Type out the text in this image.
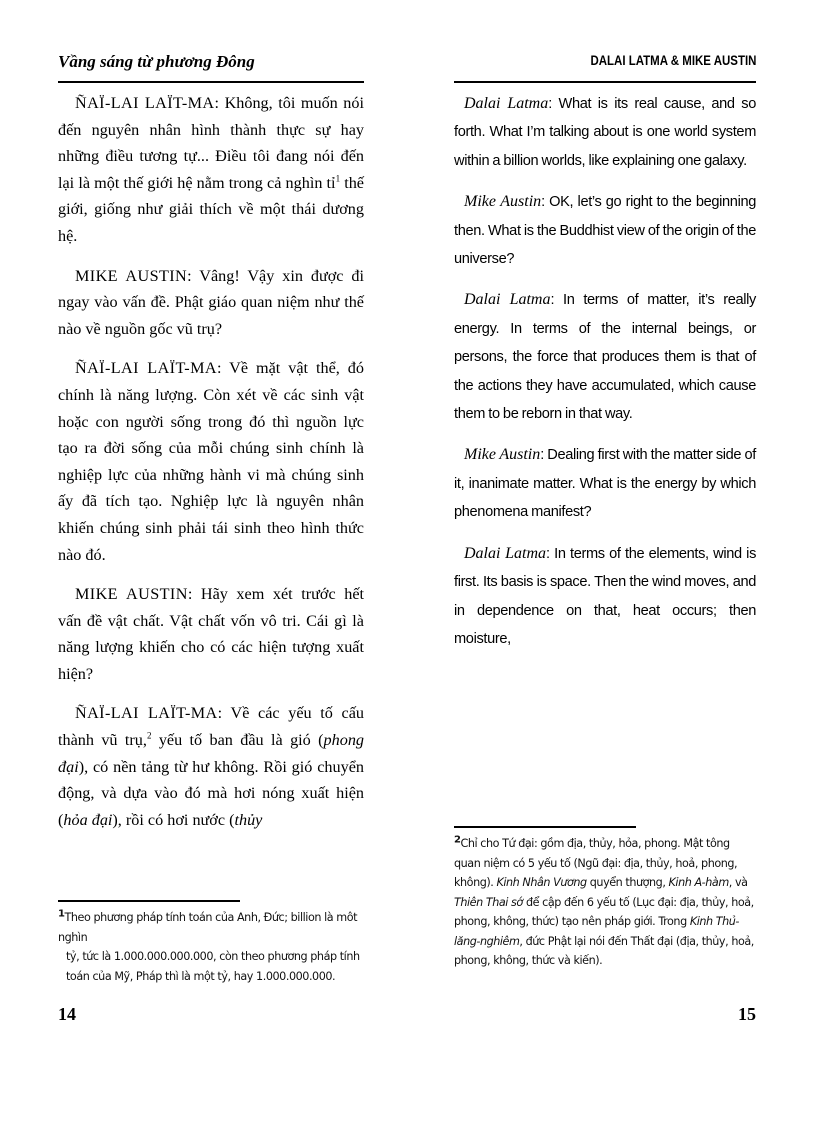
Vầng sáng từ phương Đông

ÑAÏ-LAI LAÏT-MA: Không, tôi muốn nói đến nguyên nhân hình thành thực sự hay những điều tương tự... Điều tôi đang nói đến lại là một thế giới hệ nằm trong cả nghìn tỉ$^1$ thế giới, giống như giải thích về một thái dương hệ.

MIKE AUSTIN: Vâng! Vậy xin được đi ngay vào vấn đề. Phật giáo quan niệm như thế nào về nguồn gốc vũ trụ?

ÑAÏ-LAI LAÏT-MA: Về mặt vật thể, đó chính là năng lượng. Còn xét về các sinh vật hoặc con người sống trong đó thì nguồn lực tạo ra đời sống của mỗi chúng sinh chính là nghiệp lực của những hành vi mà chúng sinh ấy đã tích tạo. Nghiệp lực là nguyên nhân khiến chúng sinh phải tái sinh theo hình thức nào đó.

MIKE AUSTIN: Hãy xem xét trước hết vấn đề vật chất. Vật chất vốn vô tri. Cái gì là năng lượng khiến cho có các hiện tượng xuất hiện?

ÑAÏ-LAI LAÏT-MA: Về các yếu tố cấu thành vũ trụ,$^2$ yếu tố ban đầu là gió (phong đại), có nền tảng từ hư không. Rồi gió chuyển động, và dựa vào đó mà hơi nóng xuất hiện (hỏa đại), rồi có hơi nước (thủy

1Theo phương pháp tính toán của Anh, Đức; billion là môt nghìn
tỷ, tức là 1.000.000.000.000, còn theo phương pháp tính toán của Mỹ, Pháp thì là một tỷ, hay 1.000.000.000.
14
DALAI LATMA & MIKE AUSTIN

Dalai Latma: What is its real cause, and so forth. What I’m talking about is one world system within a billion worlds, like explaining one galaxy.

Mike Austin: OK, let’s go right to the beginning then. What is the Buddhist view of the origin of the universe?

Dalai Latma: In terms of matter, it’s really energy. In terms of the internal beings, or persons, the force that produces them is that of the actions they have accumulated, which cause them to be reborn in that way.

Mike Austin: Dealing first with the matter side of it, inanimate matter. What is the energy by which phenomena manifest?

Dalai Latma: In terms of the elements, wind is first. Its basis is space. Then the wind moves, and in dependence on that, heat occurs; then moisture,

2Chỉ cho Tứ đại: gồm địa, thủy, hỏa, phong. Mật tông quan niệm có 5 yếu tố (Ngũ đại: địa, thủy, hoả, phong, không). Kinh Nhân Vương quyển thượng, Kinh A-hàm, và Thiên Thai sớ để cập đến 6 yếu tố (Lục đại: địa, thủy, hoả, phong, không, thức) tạo nên pháp giới. Trong Kinh Thủ-lăng-nghiêm, đức Phật lại nói đến Thất đại (địa, thủy, hoả, phong, không, thức và kiến).
15
